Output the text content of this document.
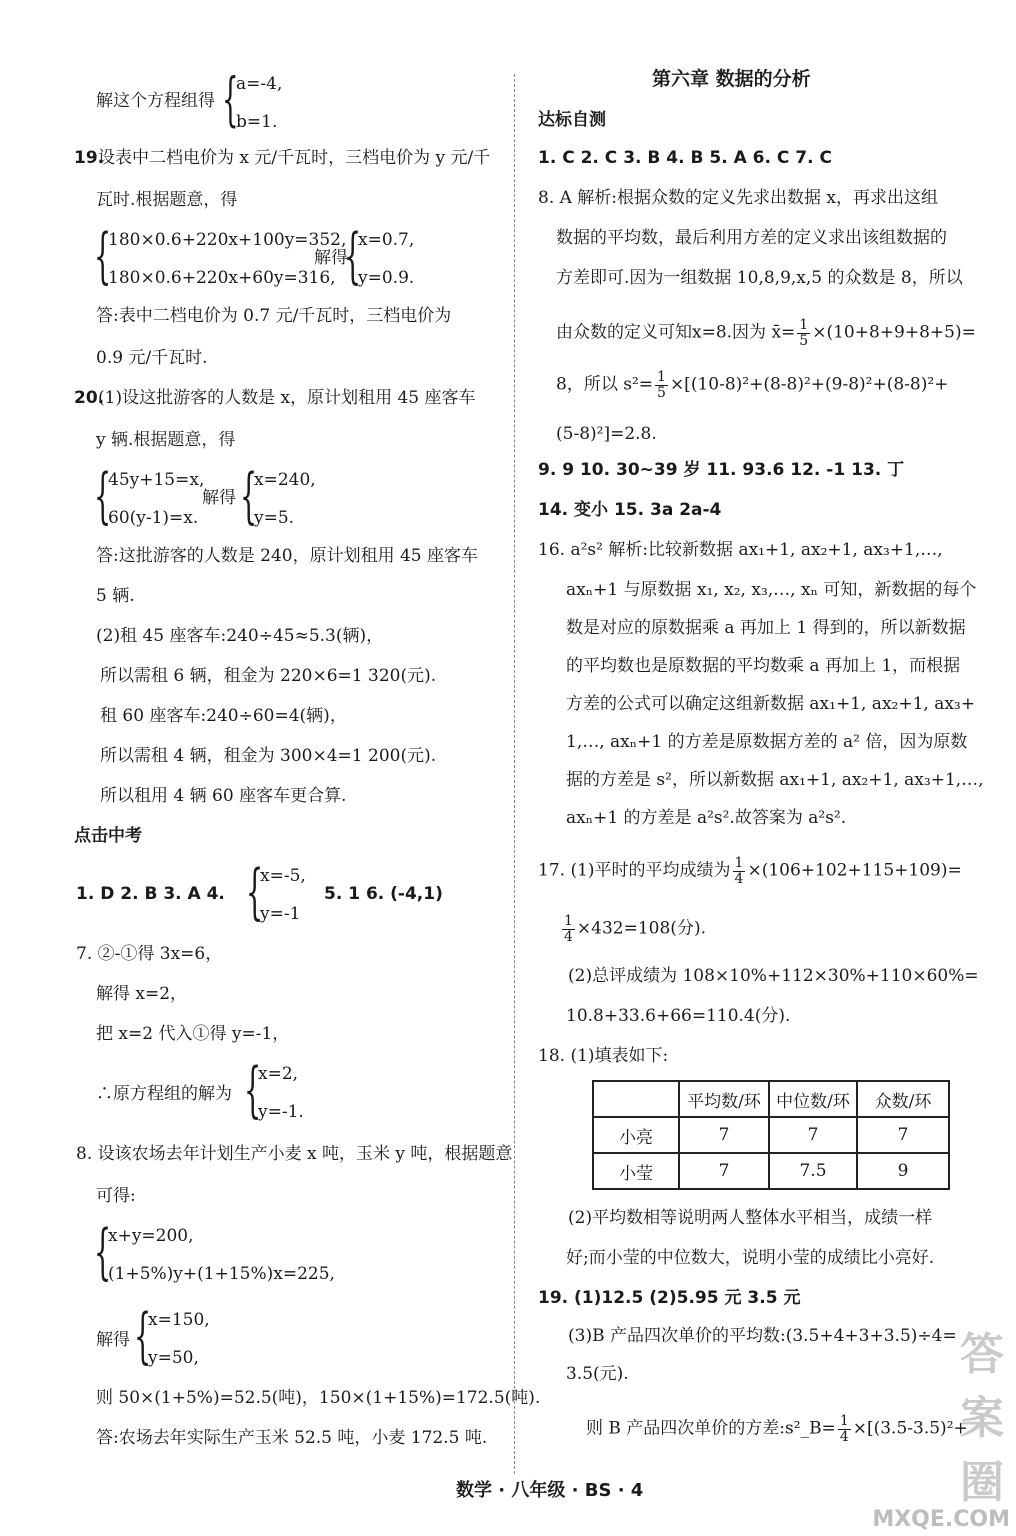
解这个方程组得 {
a=-4,
b=1.
19.
设表中二档电价为 x 元/千瓦时，三档电价为 y 元/千
瓦时.根据题意，得
{
180×0.6+220x+100y=352,
180×0.6+220x+60y=316,
解得
{
x=0.7,
y=0.9.
答:表中二档电价为 0.7 元/千瓦时，三档电价为
0.9 元/千瓦时.
20.
(1)设这批游客的人数是 x，原计划租用 45 座客车
y 辆.根据题意，得
{
45y+15=x,
60(y-1)=x.
解得 {
x=240,
y=5.
答:这批游客的人数是 240，原计划租用 45 座客车
5 辆.
(2)租 45 座客车:240÷45≈5.3(辆)，
所以需租 6 辆，租金为 220×6=1 320(元).
租 60 座客车:240÷60=4(辆)，
所以需租 4 辆，租金为 300×4=1 200(元).
所以租用 4 辆 60 座客车更合算.
点击中考
1. D 2. B 3. A 4. {
x=-5,
y=-1
5. 1 6. (-4,1)
7. ②-①得 3x=6，
解得 x=2，
把 x=2 代入①得 y=-1，
∴原方程组的解为 {
x=2,
y=-1.
8. 设该农场去年计划生产小麦 x 吨，玉米 y 吨，根据题意
可得:
{
x+y=200,
(1+5%)y+(1+15%)x=225,
解得 {
x=150,
y=50,
则 50×(1+5%)=52.5(吨)，150×(1+15%)=172.5(吨).
答:农场去年实际生产玉米 52.5 吨，小麦 172.5 吨.
第六章 数据的分析
达标自测
1. C 2. C 3. B 4. B 5. A 6. C 7. C
8. A 解析:根据众数的定义先求出数据 x，再求出这组
数据的平均数，最后利用方差的定义求出该组数据的
方差即可.因为一组数据 10,8,9,x,5 的众数是 8，所以
由众数的定义可知x=8.因为 x̄= $\frac{1}{5} \times(10+8+9+8+5)=$
8，所以 $s^2= \frac{1}{5} \times[(10-8)^2+(8-8)^2+(9-8)^2+(8-8)^2+$
(5-8)²]=2.8.
9. 9 10. 30~39 岁 11. 93.6 12. -1 13. 丁
14. 变小 15. 3a 2a-4
16. a²s² 解析:比较新数据 ax₁+1, ax₂+1, ax₃+1,…,
axₙ+1 与原数据 x₁, x₂, x₃,…, xₙ 可知，新数据的每个
数是对应的原数据乘 a 再加上 1 得到的，所以新数据
的平均数也是原数据的平均数乘 a 再加上 1，而根据
方差的公式可以确定这组新数据 ax₁+1, ax₂+1, ax₃+
1,…, axₙ+1 的方差是原数据方差的 a² 倍，因为原数
据的方差是 s²，所以新数据 ax₁+1, ax₂+1, ax₃+1,…,
axₙ+1 的方差是 a²s².故答案为 a²s².
17. (1)平时的平均成绩为 $\frac{1}{4} \times(106+102+115+109)=$
$\frac{1}{4} \times 432=108$(分).
(2)总评成绩为 108×10%+112×30%+110×60%=
10.8+33.6+66=110.4(分).
18. (1)填表如下:
	平均数/环	中位数/环	众数/环
小亮	7	7	7
小莹	7	7.5	9
(2)平均数相等说明两人整体水平相当，成绩一样
好;而小莹的中位数大，说明小莹的成绩比小亮好.
19. (1)12.5 (2)5.95 元 3.5 元
(3)B 产品四次单价的平均数:(3.5+4+3+3.5)÷4=
3.5(元).
则 B 产品四次单价的方差:s²_B= $\frac{1}{4} \times[(3.5-3.5)^2+$
数学 · 八年级 · BS · 4
答案圈
MXQE.COM
